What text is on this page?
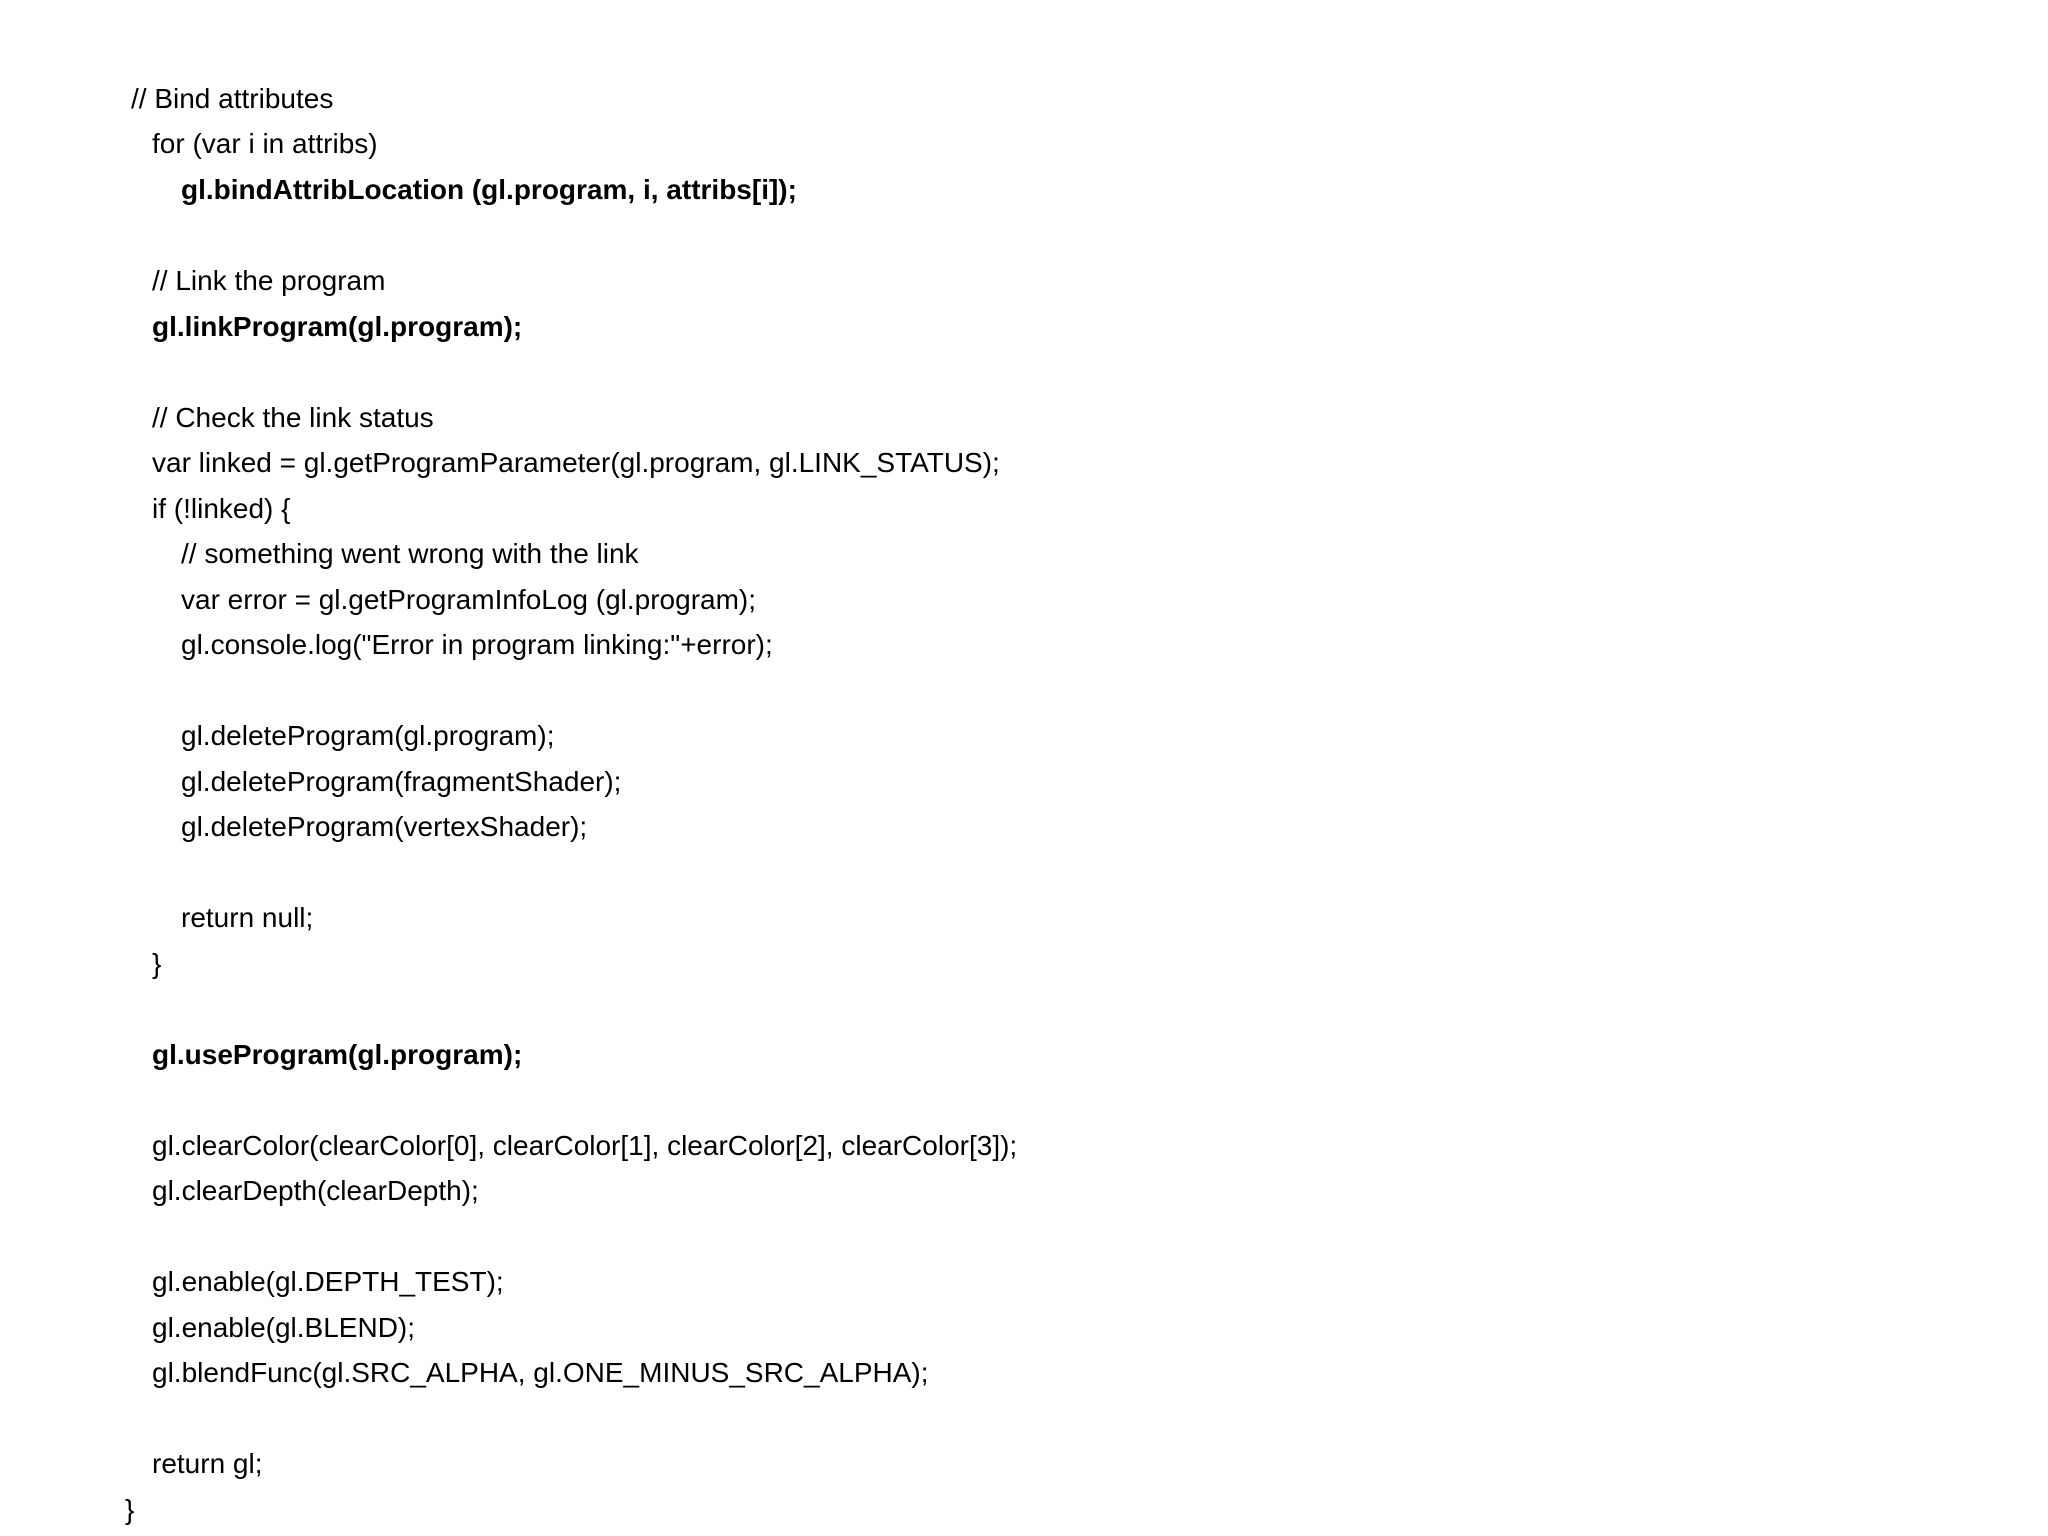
// Bind attributes
for (var i in attribs)
gl.bindAttribLocation (gl.program, i, attribs[i]);
// Link the program
gl.linkProgram(gl.program);
// Check the link status
var linked = gl.getProgramParameter(gl.program, gl.LINK_STATUS);
if (!linked) {
// something went wrong with the link
var error = gl.getProgramInfoLog (gl.program);
gl.console.log("Error in program linking:"+error);
gl.deleteProgram(gl.program);
gl.deleteProgram(fragmentShader);
gl.deleteProgram(vertexShader);
return null;
}
gl.useProgram(gl.program);
gl.clearColor(clearColor[0], clearColor[1], clearColor[2], clearColor[3]);
gl.clearDepth(clearDepth);
gl.enable(gl.DEPTH_TEST);
gl.enable(gl.BLEND);
gl.blendFunc(gl.SRC_ALPHA, gl.ONE_MINUS_SRC_ALPHA);
return gl;
}
